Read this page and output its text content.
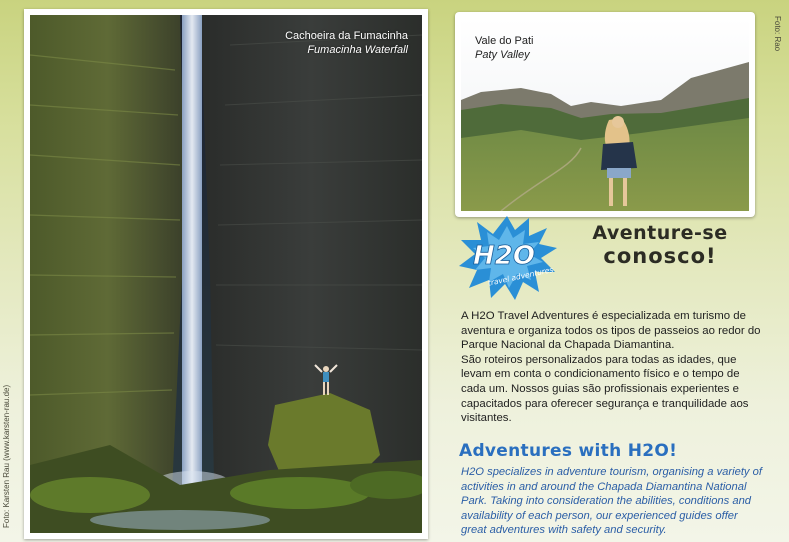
Foto: Karsten Rau (www.karsten-rau.de)
Cachoeira da Fumacinha
Fumacinha Waterfall
Vale do Pati
Paty Valley
Foto: Rao
H2O
travel adventures
Aventure-se
conosco!

A H2O Travel Adventures é especializada em turismo de aventura e organiza todos os tipos de passeios ao redor do Parque Nacional da Chapada Diamantina.

São roteiros personalizados para todas as idades, que levam em conta o condicionamento físico e o tempo de cada um. Nossos guias são profissionais experientes e capacitados para oferecer segurança e tranquilidade aos visitantes.

Adventures with H2O!
H2O specializes in adventure tourism, organising a variety of activities in and around the Chapada Diamantina National Park. Taking into consideration the abilities, conditions and availability of each person, our experienced guides offer great adventures with safety and security.
